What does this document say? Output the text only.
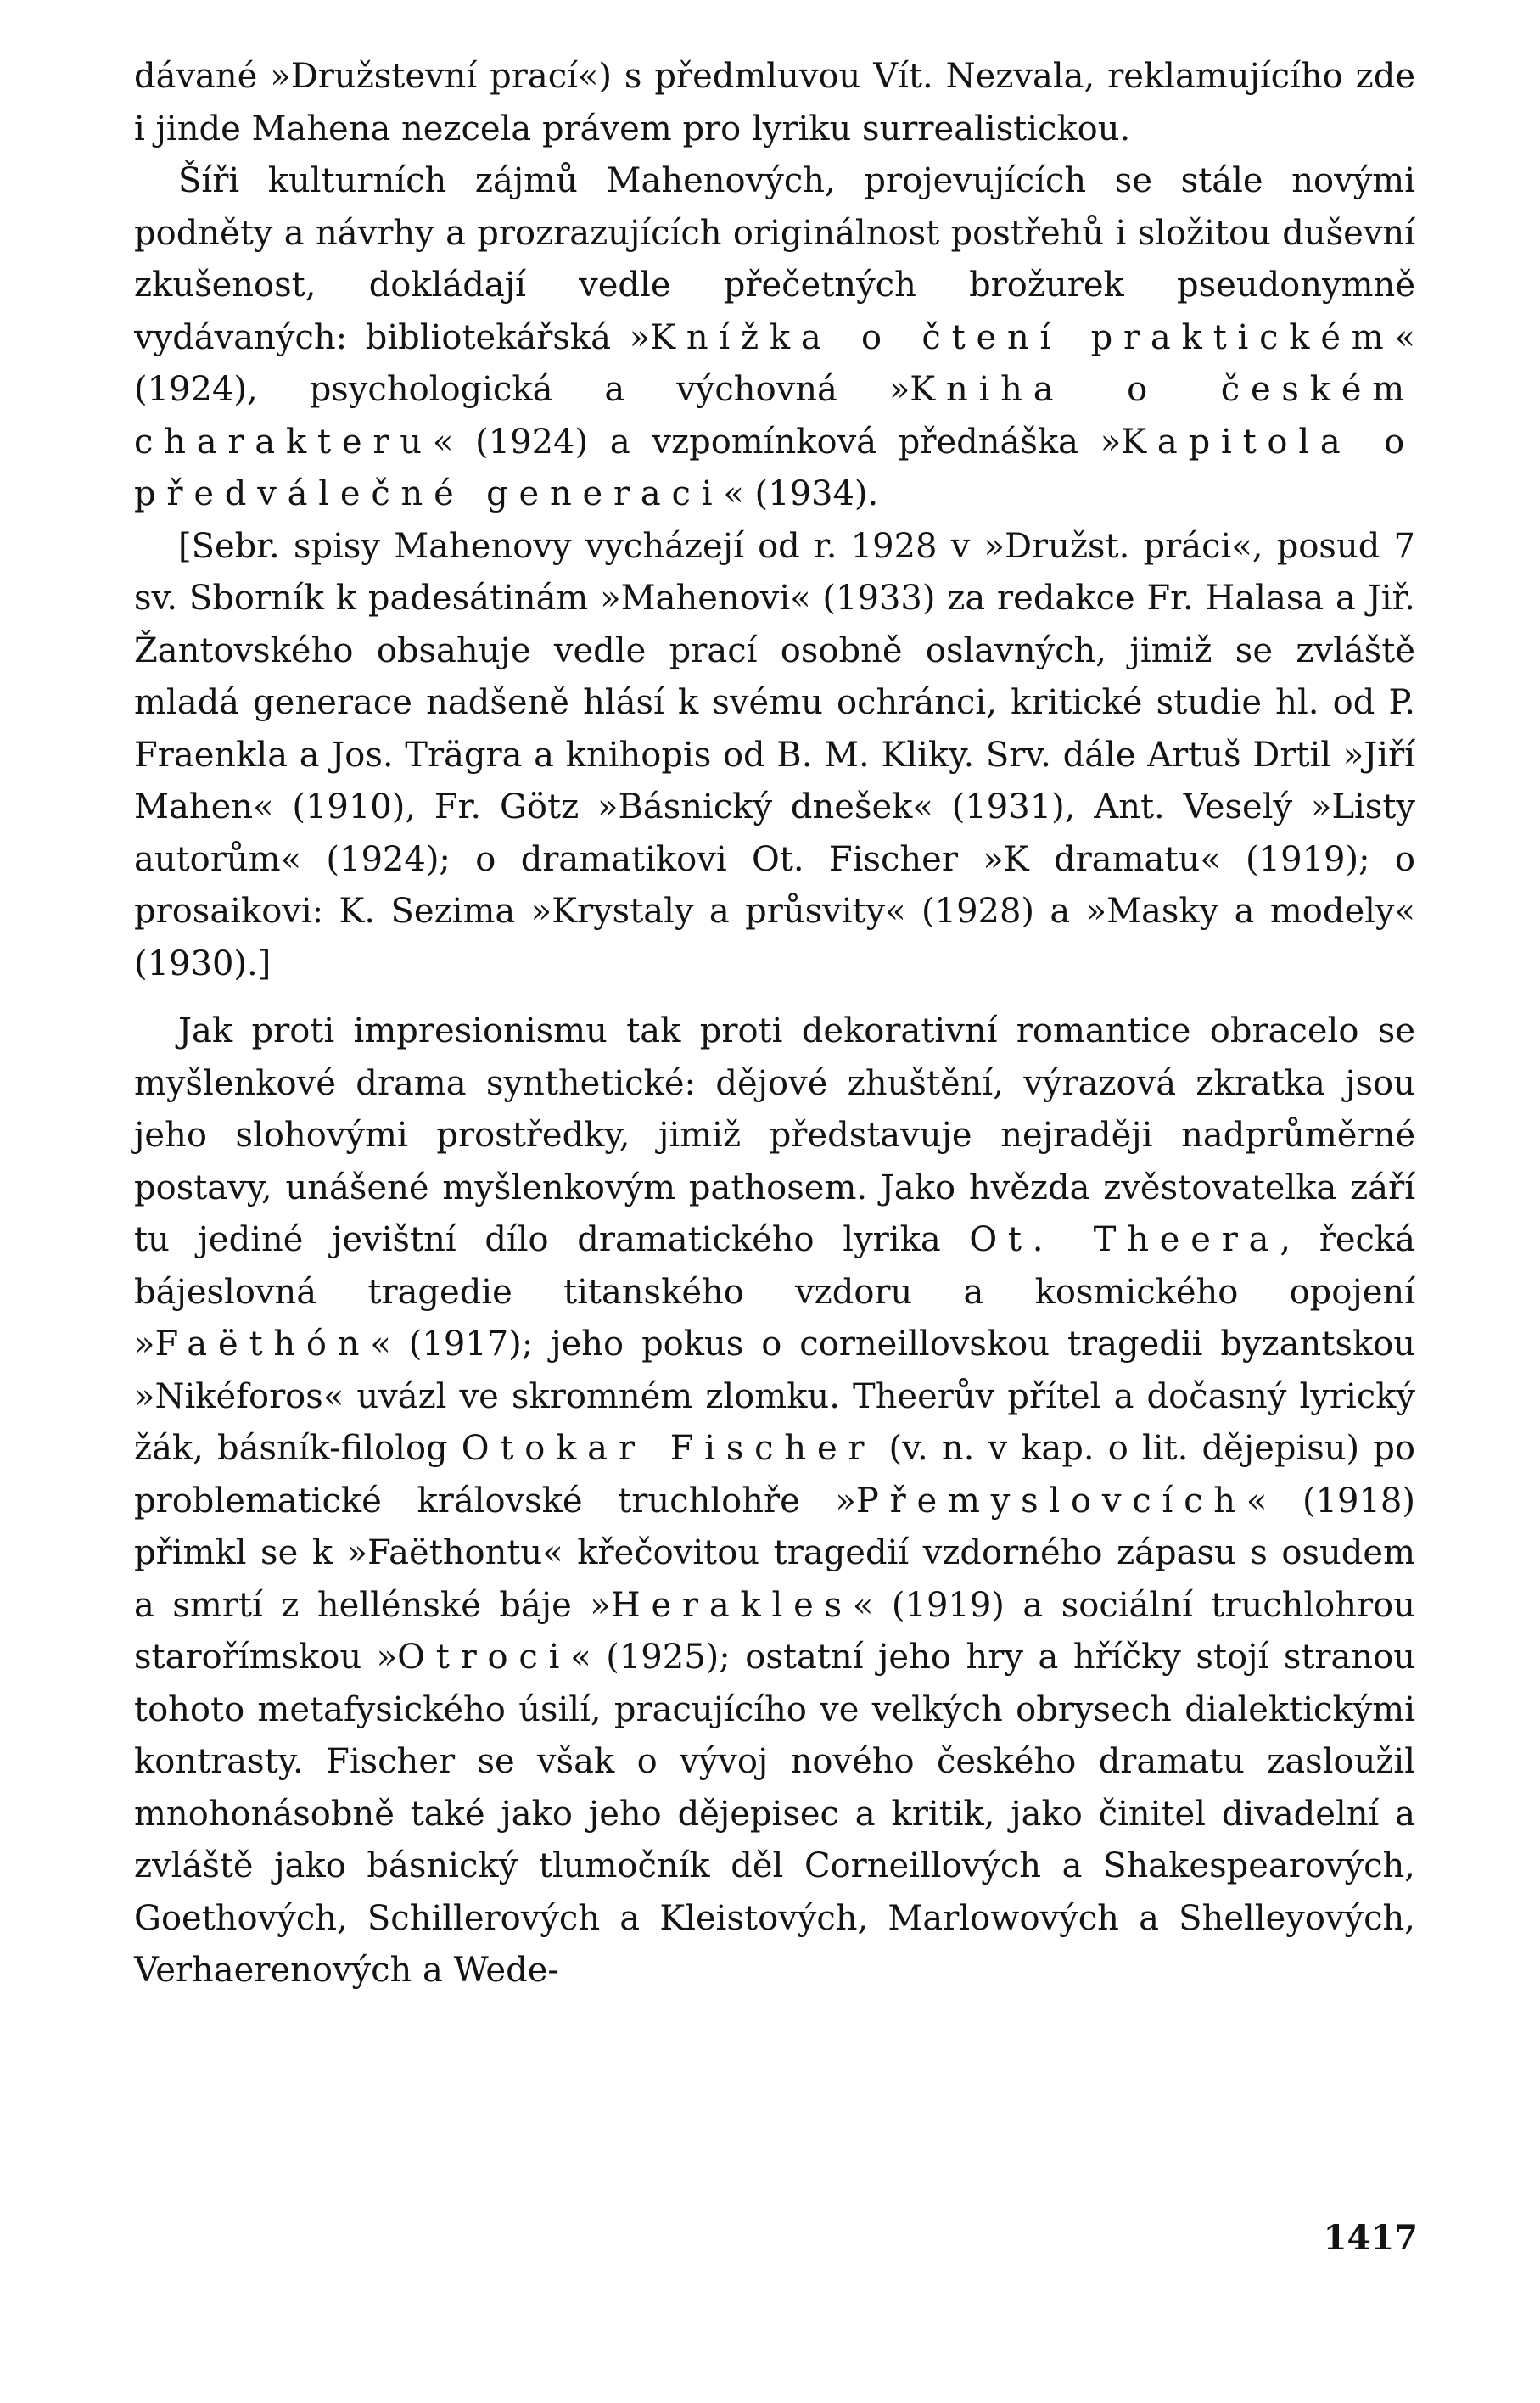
dávané »Družstevní prací«) s předmluvou Vít. Nezvala, reklamujícího zde i jinde Mahena nezcela právem pro lyriku surrealistickou.

Šíři kulturních zájmů Mahenových, projevujících se stále novými podněty a návrhy a prozrazujících originálnost postřehů i složitou duševní zkušenost, dokládají vedle přečetných brožurek pseudonymně vydávaných: bibliotekářská »Knížka o čtení praktickém« (1924), psychologická a výchovná »Kniha o českém charakteru« (1924) a vzpomínková přednáška »Kapitola o předválečné generaci« (1934).

[Sebr. spisy Mahenovy vycházejí od r. 1928 v »Družst. práci«, posud 7 sv. Sborník k padesátinám »Mahenovi« (1933) za redakce Fr. Halasa a Jiř. Žantovského obsahuje vedle prací osobně oslavných, jimiž se zvláště mladá generace nadšeně hlásí k svému ochránci, kritické studie hl. od P. Fraenkla a Jos. Trägra a knihopis od B. M. Kliky. Srv. dále Artuš Drtil »Jiří Mahen« (1910), Fr. Götz »Básnický dnešek« (1931), Ant. Veselý »Listy autorům« (1924); o dramatikovi Ot. Fischer »K dramatu« (1919); o prosaikovi: K. Sezima »Krystaly a průsvity« (1928) a »Masky a modely« (1930).]

Jak proti impresionismu tak proti dekorativní romantice obracelo se myšlenkové drama synthetické: dějové zhuštění, výrazová zkratka jsou jeho slohovými prostředky, jimiž představuje nejraději nadprůměrné postavy, unášené myšlenkovým pathosem. Jako hvězda zvěstovatelka září tu jediné jevištní dílo dramatického lyrika Ot. Theera, řecká bájeslovná tragedie titanského vzdoru a kosmického opojení »Faëthón« (1917); jeho pokus o corneillovskou tragedii byzantskou »Nikéforos« uvázl ve skromném zlomku. Theerův přítel a dočasný lyrický žák, básník-filolog Otokar Fischer (v. n. v kap. o lit. dějepisu) po problematické královské truchlohře »Přemyslovcích« (1918) přimkl se k »Faëthontu« křečovitou tragedií vzdorného zápasu s osudem a smrtí z hellénské báje »Herakles« (1919) a sociální truchlohrou starořímskou »Otroci« (1925); ostatní jeho hry a hříčky stojí stranou tohoto metafysického úsilí, pracujícího ve velkých obrysech dialektickými kontrasty. Fischer se však o vývoj nového českého dramatu zasloužil mnohonásobně také jako jeho dějepisec a kritik, jako činitel divadelní a zvláště jako básnický tlumočník děl Corneillových a Shakespearových, Goethových, Schillerových a Kleistových, Marlowových a Shelleyových, Verhaerenových a Wede-

1417
